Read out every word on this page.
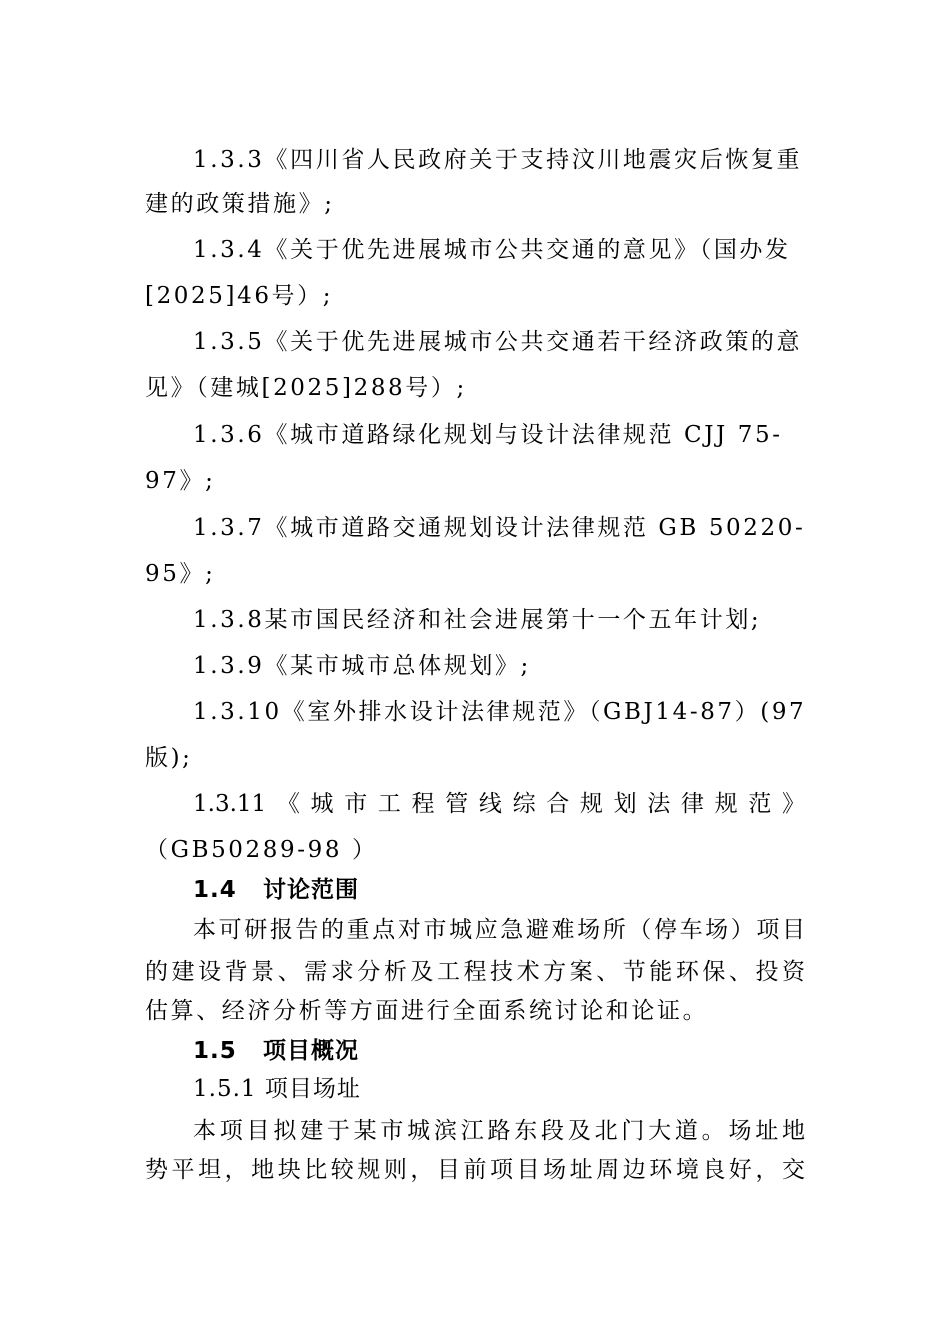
1.3.3《四川省人民政府关于支持汶川地震灾后恢复重
建的政策措施》;
1.3.4《关于优先进展城市公共交通的意见》（国办发
[2025]46号）;
1.3.5《关于优先进展城市公共交通若干经济政策的意
见》（建城[2025]288号）;
1.3.6《城市道路绿化规划与设计法律规范 CJJ 75-
97》;
1.3.7《城市道路交通规划设计法律规范 GB 50220-
95》;
1.3.8某市国民经济和社会进展第十一个五年计划;
1.3.9《某市城市总体规划》;
1.3.10《室外排水设计法律规范》（GBJ14-87）(97
版);
1.3.11《城市工程管线综合规划法律规范》
（GB50289-98 ）
1.4 讨论范围
本可研报告的重点对市城应急避难场所（停车场）项目
的建设背景、需求分析及工程技术方案、节能环保、投资
估算、经济分析等方面进行全面系统讨论和论证。
1.5 项目概况
1.5.1 项目场址
本项目拟建于某市城滨江路东段及北门大道。场址地
势平坦，地块比较规则，目前项目场址周边环境良好，交
